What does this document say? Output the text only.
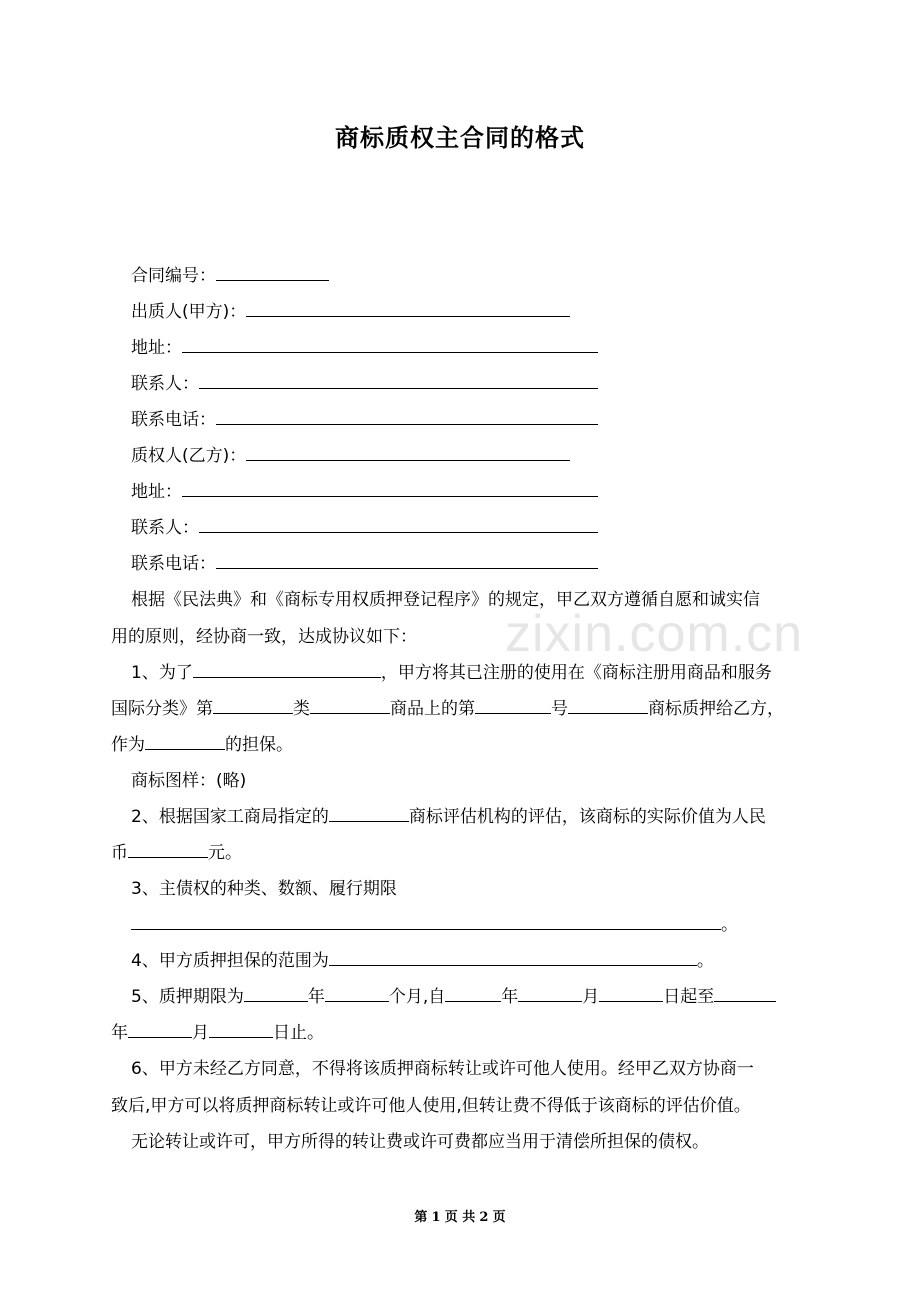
商标质权主合同的格式
zixin.com.cn
合同编号：
出质人(甲方)：
地址：
联系人：
联系电话：
质权人(乙方)：
地址：
联系人：
联系电话：
根据《民法典》和《商标专用权质押登记程序》的规定，甲乙双方遵循自愿和诚实信
用的原则，经协商一致，达成协议如下：
1、为了	，甲方将其已注册的使用在《商标注册用商品和服务
国际分类》第	类	商品上的第	号	商标质押给乙方，
作为	的担保。
商标图样：(略)
2、根据国家工商局指定的	商标评估机构的评估，该商标的实际价值为人民
币	元。
3、主债权的种类、数额、履行期限
。
4、甲方质押担保的范围为	。
5、质押期限为	年	个月,自	年	月	日起至
年	月	日止。
6、甲方未经乙方同意，不得将该质押商标转让或许可他人使用。经甲乙双方协商一
致后,甲方可以将质押商标转让或许可他人使用,但转让费不得低于该商标的评估价值。
无论转让或许可，甲方所得的转让费或许可费都应当用于清偿所担保的债权。
第 1 页 共 2 页
